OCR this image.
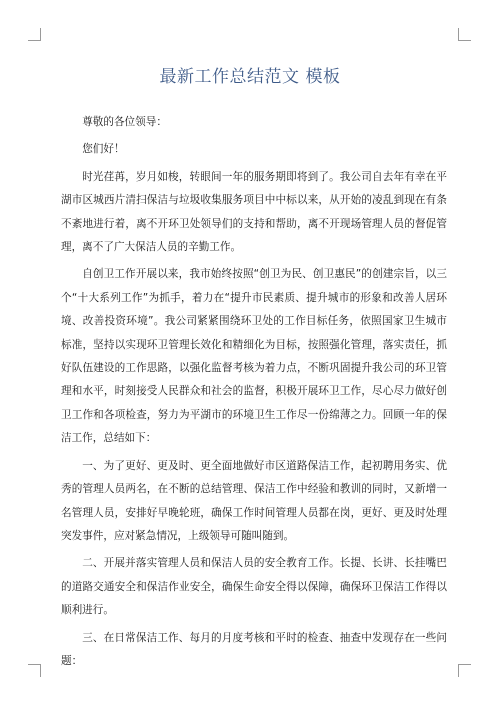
最新工作总结范文 模板

尊敬的各位领导：

您们好！

时光荏苒，岁月如梭，转眼间一年的服务期即将到了。我公司自去年有幸在平湖市区城西片清扫保洁与垃圾收集服务项目中中标以来，从开始的凌乱到现在有条不紊地进行着，离不开环卫处领导们的支持和帮助，离不开现场管理人员的督促管理，离不了广大保洁人员的辛勤工作。

自创卫工作开展以来，我市始终按照“创卫为民、创卫惠民”的创建宗旨，以三个“十大系列工作”为抓手，着力在“提升市民素质、提升城市的形象和改善人居环境、改善投资环境”。我公司紧紧围绕环卫处的工作目标任务，依照国家卫生城市标准，坚持以实现环卫管理长效化和精细化为目标，按照强化管理，落实责任，抓好队伍建设的工作思路，以强化监督考核为着力点，不断巩固提升我公司的环卫管理和水平，时刻接受人民群众和社会的监督，积极开展环卫工作，尽心尽力做好创卫工作和各项检查，努力为平湖市的环境卫生工作尽一份绵薄之力。回顾一年的保洁工作，总结如下：

一、为了更好、更及时、更全面地做好市区道路保洁工作，起初聘用务实、优秀的管理人员两名，在不断的总结管理、保洁工作中经验和教训的同时，又新增一名管理人员，安排好早晚轮班，确保工作时间管理人员都在岗，更好、更及时处理突发事件，应对紧急情况，上级领导可随叫随到。

二、开展并落实管理人员和保洁人员的安全教育工作。长提、长讲、长挂嘴巴的道路交通安全和保洁作业安全，确保生命安全得以保障，确保环卫保洁工作得以顺利进行。

三、在日常保洁工作、每月的月度考核和平时的检查、抽查中发现存在一些问题：
